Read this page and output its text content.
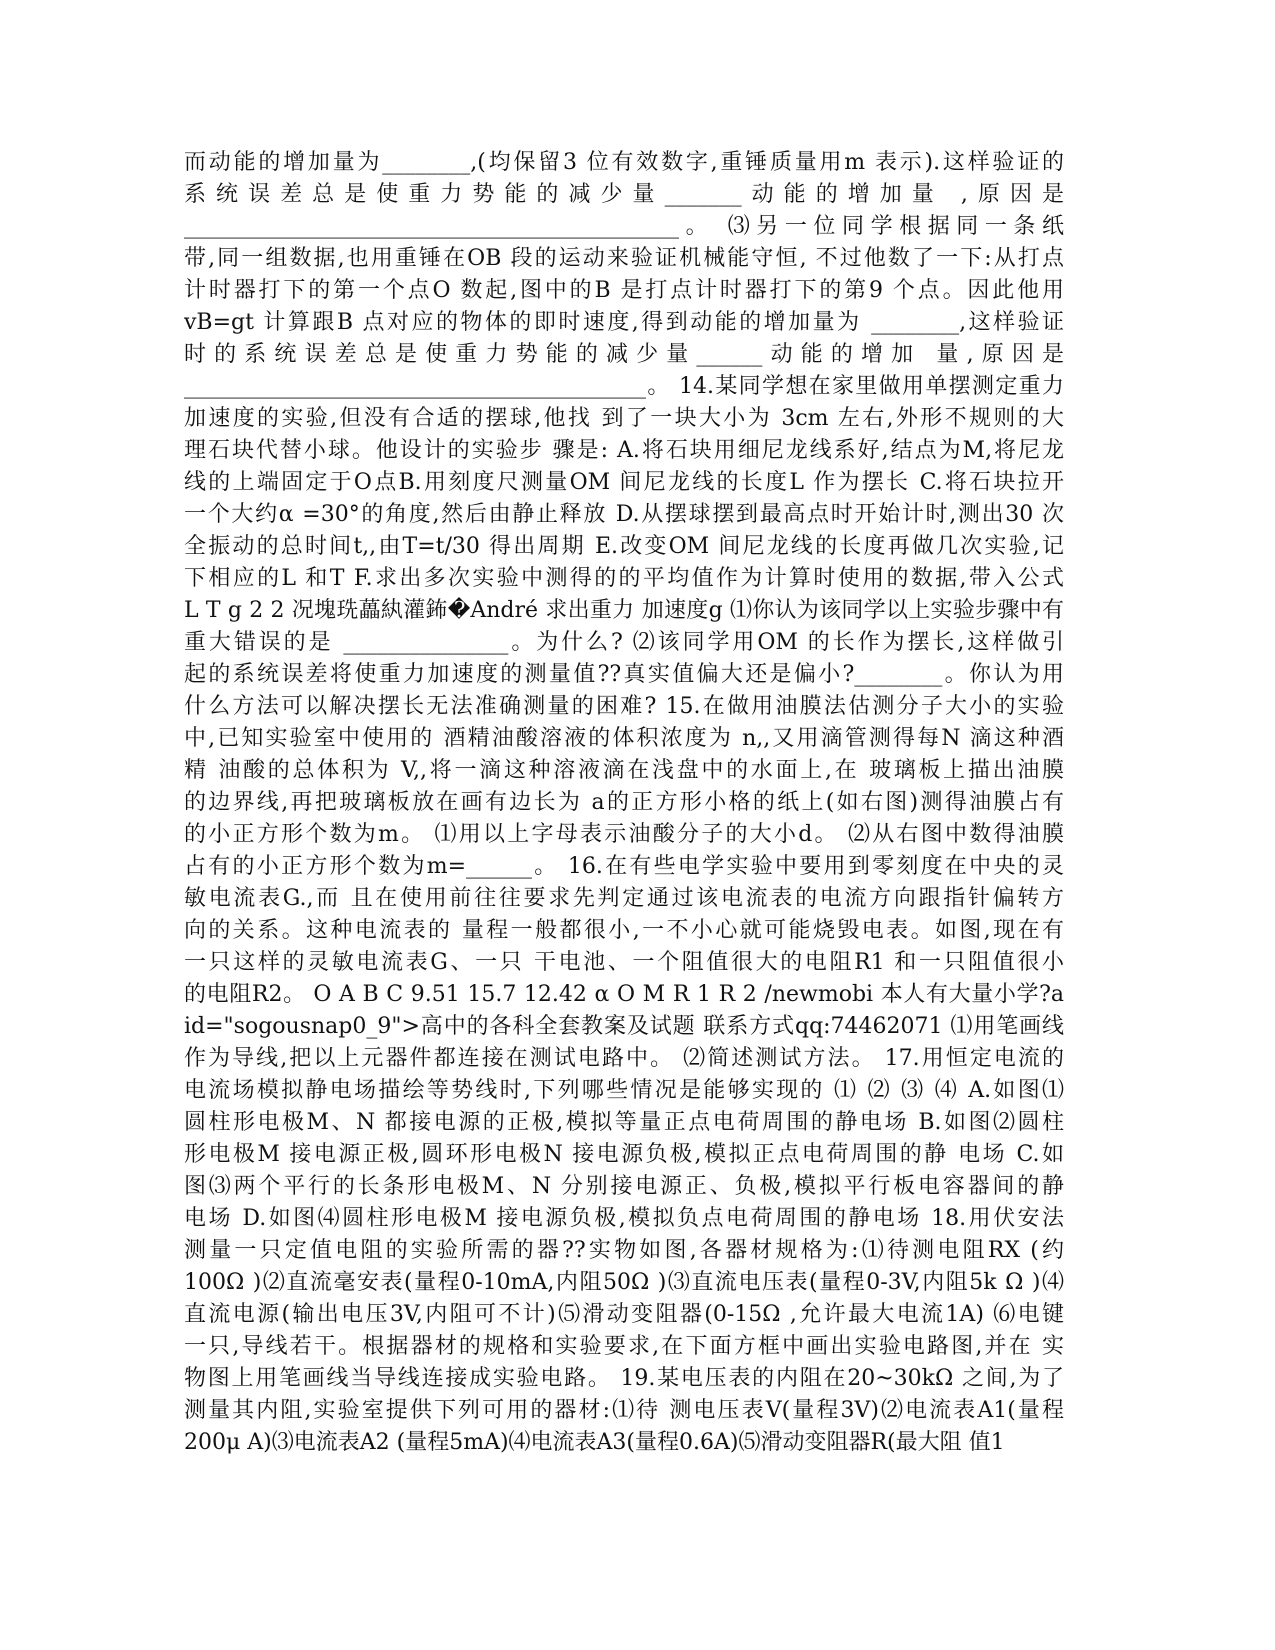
而动能的增加量为________,(均保留3 位有效数字,重锤质量用m 表示).这样验证的
系统误差总是使重力势能的减少量_______动能的增加量 ,原因是
_____________________________________________。 ⑶另一位同学根据同一条纸
带,同一组数据,也用重锤在OB 段的运动来验证机械能守恒, 不过他数了一下:从打点
计时器打下的第一个点O 数起,图中的B 是打点计时器打下的第9 个点。因此他用
vB=gt 计算跟B 点对应的物体的即时速度,得到动能的增加量为 ________,这样验证
时的系统误差总是使重力势能的减少量______动能的增加 量,原因是
__________________________________________。 14.某同学想在家里做用单摆测定重力
加速度的实验,但没有合适的摆球,他找 到了一块大小为 3cm 左右,外形不规则的大
理石块代替小球。他设计的实验步 骤是: A.将石块用细尼龙线系好,结点为M,将尼龙
线的上端固定于O点B.用刻度尺测量OM 间尼龙线的长度L 作为摆长 C.将石块拉开
一个大约α =30°的角度,然后由静止释放 D.从摆球摆到最高点时开始计时,测出30 次
全振动的总时间t,,由T=t/30 得出周期 E.改变OM 间尼龙线的长度再做几次实验,记
下相应的L 和T F.求出多次实验中测得的的平均值作为计算时使用的数据,带入公式
L T g 2 2 况塊珗藟紈灌鈽�André 求出重力 加速度g ⑴你认为该同学以上实验步骤中有
重大错误的是 _______________。为什么? ⑵该同学用OM 的长作为摆长,这样做引
起的系统误差将使重力加速度的测量值??真实值偏大还是偏小?________。你认为用
什么方法可以解决摆长无法准确测量的困难? 15.在做用油膜法估测分子大小的实验
中,已知实验室中使用的 酒精油酸溶液的体积浓度为 n,,又用滴管测得每N 滴这种酒
精 油酸的总体积为 V,,将一滴这种溶液滴在浅盘中的水面上,在 玻璃板上描出油膜
的边界线,再把玻璃板放在画有边长为 a的正方形小格的纸上(如右图)测得油膜占有
的小正方形个数为m。 ⑴用以上字母表示油酸分子的大小d。 ⑵从右图中数得油膜
占有的小正方形个数为m=______。 16.在有些电学实验中要用到零刻度在中央的灵
敏电流表G.,而 且在使用前往往要求先判定通过该电流表的电流方向跟指针偏转方
向的关系。这种电流表的 量程一般都很小,一不小心就可能烧毁电表。如图,现在有
一只这样的灵敏电流表G、一只 干电池、一个阻值很大的电阻R1 和一只阻值很小
的电阻R2。 O A B C 9.51 15.7 12.42 α O M R 1 R 2 /newmobi 本人有大量小学?a
id="sogousnap0_9">高中的各科全套教案及试题 联系方式qq:74462071 ⑴用笔画线
作为导线,把以上元器件都连接在测试电路中。 ⑵简述测试方法。 17.用恒定电流的
电流场模拟静电场描绘等势线时,下列哪些情况是能够实现的 ⑴ ⑵ ⑶ ⑷ A.如图⑴
圆柱形电极M、N 都接电源的正极,模拟等量正点电荷周围的静电场 B.如图⑵圆柱
形电极M 接电源正极,圆环形电极N 接电源负极,模拟正点电荷周围的静 电场 C.如
图⑶两个平行的长条形电极M、N 分别接电源正、负极,模拟平行板电容器间的静
电场 D.如图⑷圆柱形电极M 接电源负极,模拟负点电荷周围的静电场 18.用伏安法
测量一只定值电阻的实验所需的器??实物如图,各器材规格为:⑴待测电阻RX (约
100Ω )⑵直流毫安表(量程0-10mA,内阻50Ω )⑶直流电压表(量程0-3V,内阻5k Ω )⑷
直流电源(输出电压3V,内阻可不计)⑸滑动变阻器(0-15Ω ,允许最大电流1A) ⑹电键
一只,导线若干。根据器材的规格和实验要求,在下面方框中画出实验电路图,并在 实
物图上用笔画线当导线连接成实验电路。 19.某电压表的内阻在20~30kΩ 之间,为了
测量其内阻,实验室提供下列可用的器材:⑴待 测电压表V(量程3V)⑵电流表A1(量程
200μ A)⑶电流表A2 (量程5mA)⑷电流表A3(量程0.6A)⑸滑动变阻器R(最大阻 值1
